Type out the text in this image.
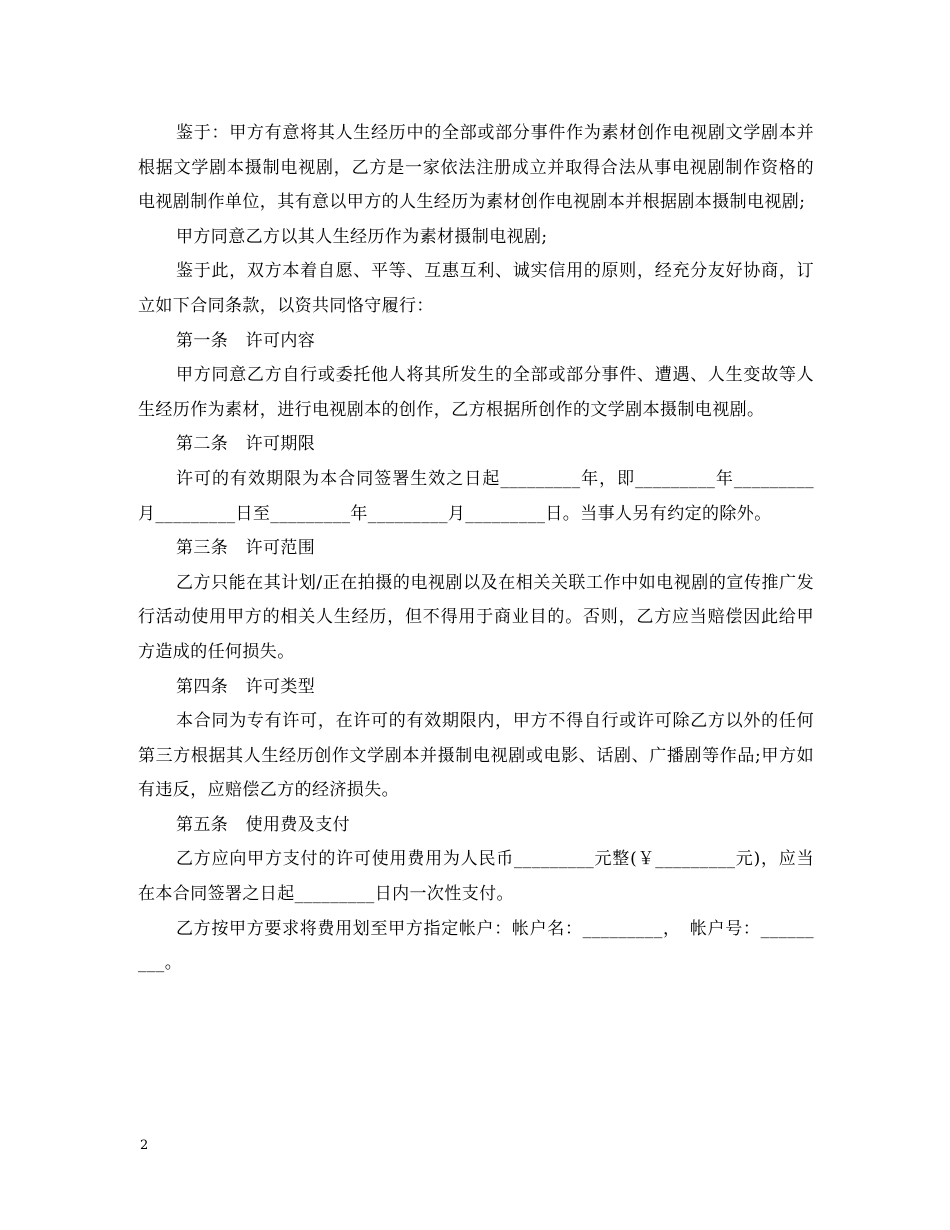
鉴于：甲方有意将其人生经历中的全部或部分事件作为素材创作电视剧文学剧本并根据文学剧本摄制电视剧，乙方是一家依法注册成立并取得合法从事电视剧制作资格的电视剧制作单位，其有意以甲方的人生经历为素材创作电视剧本并根据剧本摄制电视剧;

甲方同意乙方以其人生经历作为素材摄制电视剧;

鉴于此，双方本着自愿、平等、互惠互利、诚实信用的原则，经充分友好协商，订立如下合同条款，以资共同恪守履行：

第一条　许可内容

甲方同意乙方自行或委托他人将其所发生的全部或部分事件、遭遇、人生变故等人生经历作为素材，进行电视剧本的创作，乙方根据所创作的文学剧本摄制电视剧。

第二条　许可期限

许可的有效期限为本合同签署生效之日起_________年，即_________年_________月_________日至_________年_________月_________日。当事人另有约定的除外。

第三条　许可范围

乙方只能在其计划/正在拍摄的电视剧以及在相关关联工作中如电视剧的宣传推广发行活动使用甲方的相关人生经历，但不得用于商业目的。否则，乙方应当赔偿因此给甲方造成的任何损失。

第四条　许可类型

本合同为专有许可，在许可的有效期限内，甲方不得自行或许可除乙方以外的任何第三方根据其人生经历创作文学剧本并摄制电视剧或电影、话剧、广播剧等作品;甲方如有违反，应赔偿乙方的经济损失。

第五条　使用费及支付

乙方应向甲方支付的许可使用费用为人民币_________元整(￥_________元)，应当在本合同签署之日起_________日内一次性支付。

乙方按甲方要求将费用划至甲方指定帐户：帐户名：_________，　帐户号：_________。

2
